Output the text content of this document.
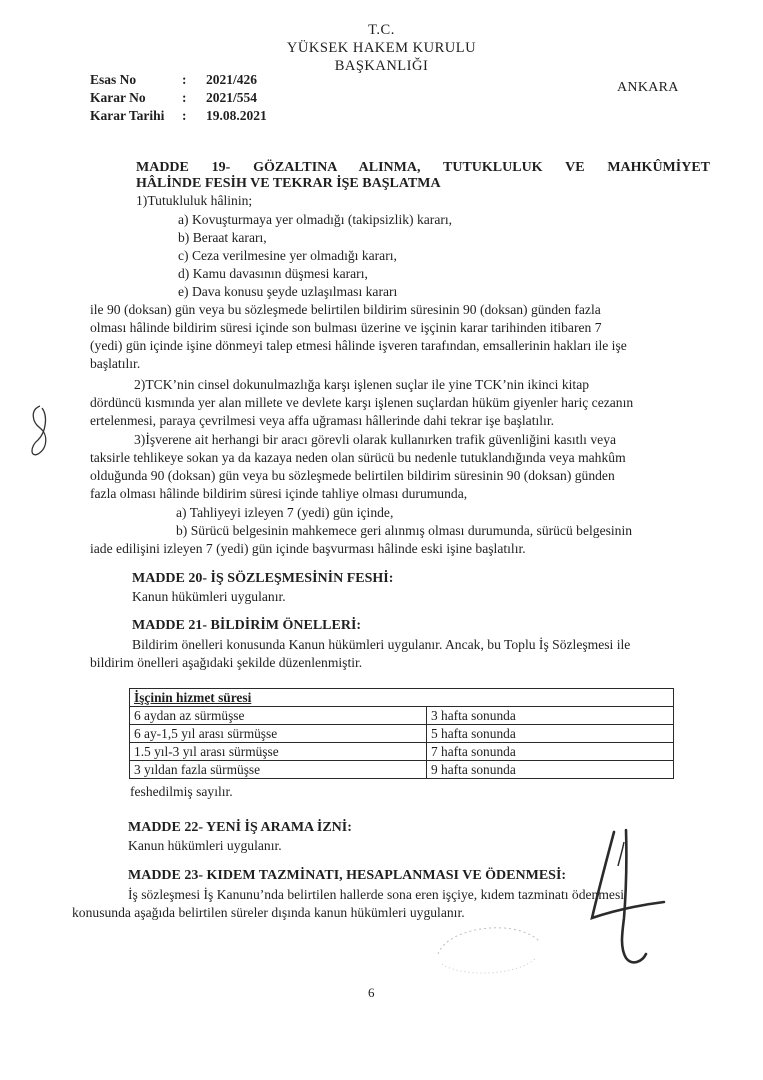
T.C.
YÜKSEK HAKEM KURULU
BAŞKANLIĞI
ANKARA
Esas No	: 2021/426
Karar No	: 2021/554
Karar Tarihi : 19.08.2021
MADDE 19- GÖZALTINA ALINMA, TUTUKLULUK VE MAHKÛMİYET
HÂLİNDE FESİH VE TEKRAR İŞE BAŞLATMA
1)Tutukluluk hâlinin;
a) Kovuşturmaya yer olmadığı (takipsizlik) kararı,
b) Beraat kararı,
c) Ceza verilmesine yer olmadığı kararı,
d) Kamu davasının düşmesi kararı,
e) Dava konusu şeyde uzlaşılması kararı
ile 90 (doksan) gün veya bu sözleşmede belirtilen bildirim süresinin 90 (doksan) günden fazla
olması hâlinde bildirim süresi içinde son bulması üzerine ve işçinin karar tarihinden itibaren 7
(yedi) gün içinde işine dönmeyi talep etmesi hâlinde işveren tarafından, emsallerinin hakları ile işe
başlatılır.
2)TCK’nin cinsel dokunulmazlığa karşı işlenen suçlar ile yine TCK’nin ikinci kitap
dördüncü kısmında yer alan millete ve devlete karşı işlenen suçlardan hüküm giyenler hariç cezanın
ertelenmesi, paraya çevrilmesi veya affa uğraması hâllerinde dahi tekrar işe başlatılır.
3)İşverene ait herhangi bir aracı görevli olarak kullanırken trafik güvenliğini kasıtlı veya
taksirle tehlikeye sokan ya da kazaya neden olan sürücü bu nedenle tutuklandığında veya mahkûm
olduğunda 90 (doksan) gün veya bu sözleşmede belirtilen bildirim süresinin 90 (doksan) günden
fazla olması hâlinde bildirim süresi içinde tahliye olması durumunda,
a) Tahliyeyi izleyen 7 (yedi) gün içinde,
b) Sürücü belgesinin mahkemece geri alınmış olması durumunda, sürücü belgesinin
iade edilişini izleyen 7 (yedi) gün içinde başvurması hâlinde eski işine başlatılır.
MADDE 20- İŞ SÖZLEŞMESİNİN FESHİ:
Kanun hükümleri uygulanır.
MADDE 21- BİLDİRİM ÖNELLERİ:
Bildirim önelleri konusunda Kanun hükümleri uygulanır. Ancak, bu Toplu İş Sözleşmesi ile
bildirim önelleri aşağıdaki şekilde düzenlenmiştir.
İşçinin hizmet süresi	
6 aydan az sürmüşse	3 hafta sonunda
6 ay-1,5 yıl arası sürmüşse	5 hafta sonunda
1.5 yıl-3 yıl arası sürmüşse	7 hafta sonunda
3 yıldan fazla sürmüşse	9 hafta sonunda
feshedilmiş sayılır.
MADDE 22- YENİ İŞ ARAMA İZNİ:
Kanun hükümleri uygulanır.
MADDE 23- KIDEM TAZMİNATI, HESAPLANMASI VE ÖDENMESİ:
İş sözleşmesi İş Kanunu’nda belirtilen hallerde sona eren işçiye, kıdem tazminatı ödenmesi
konusunda aşağıda belirtilen süreler dışında kanun hükümleri uygulanır.
6
